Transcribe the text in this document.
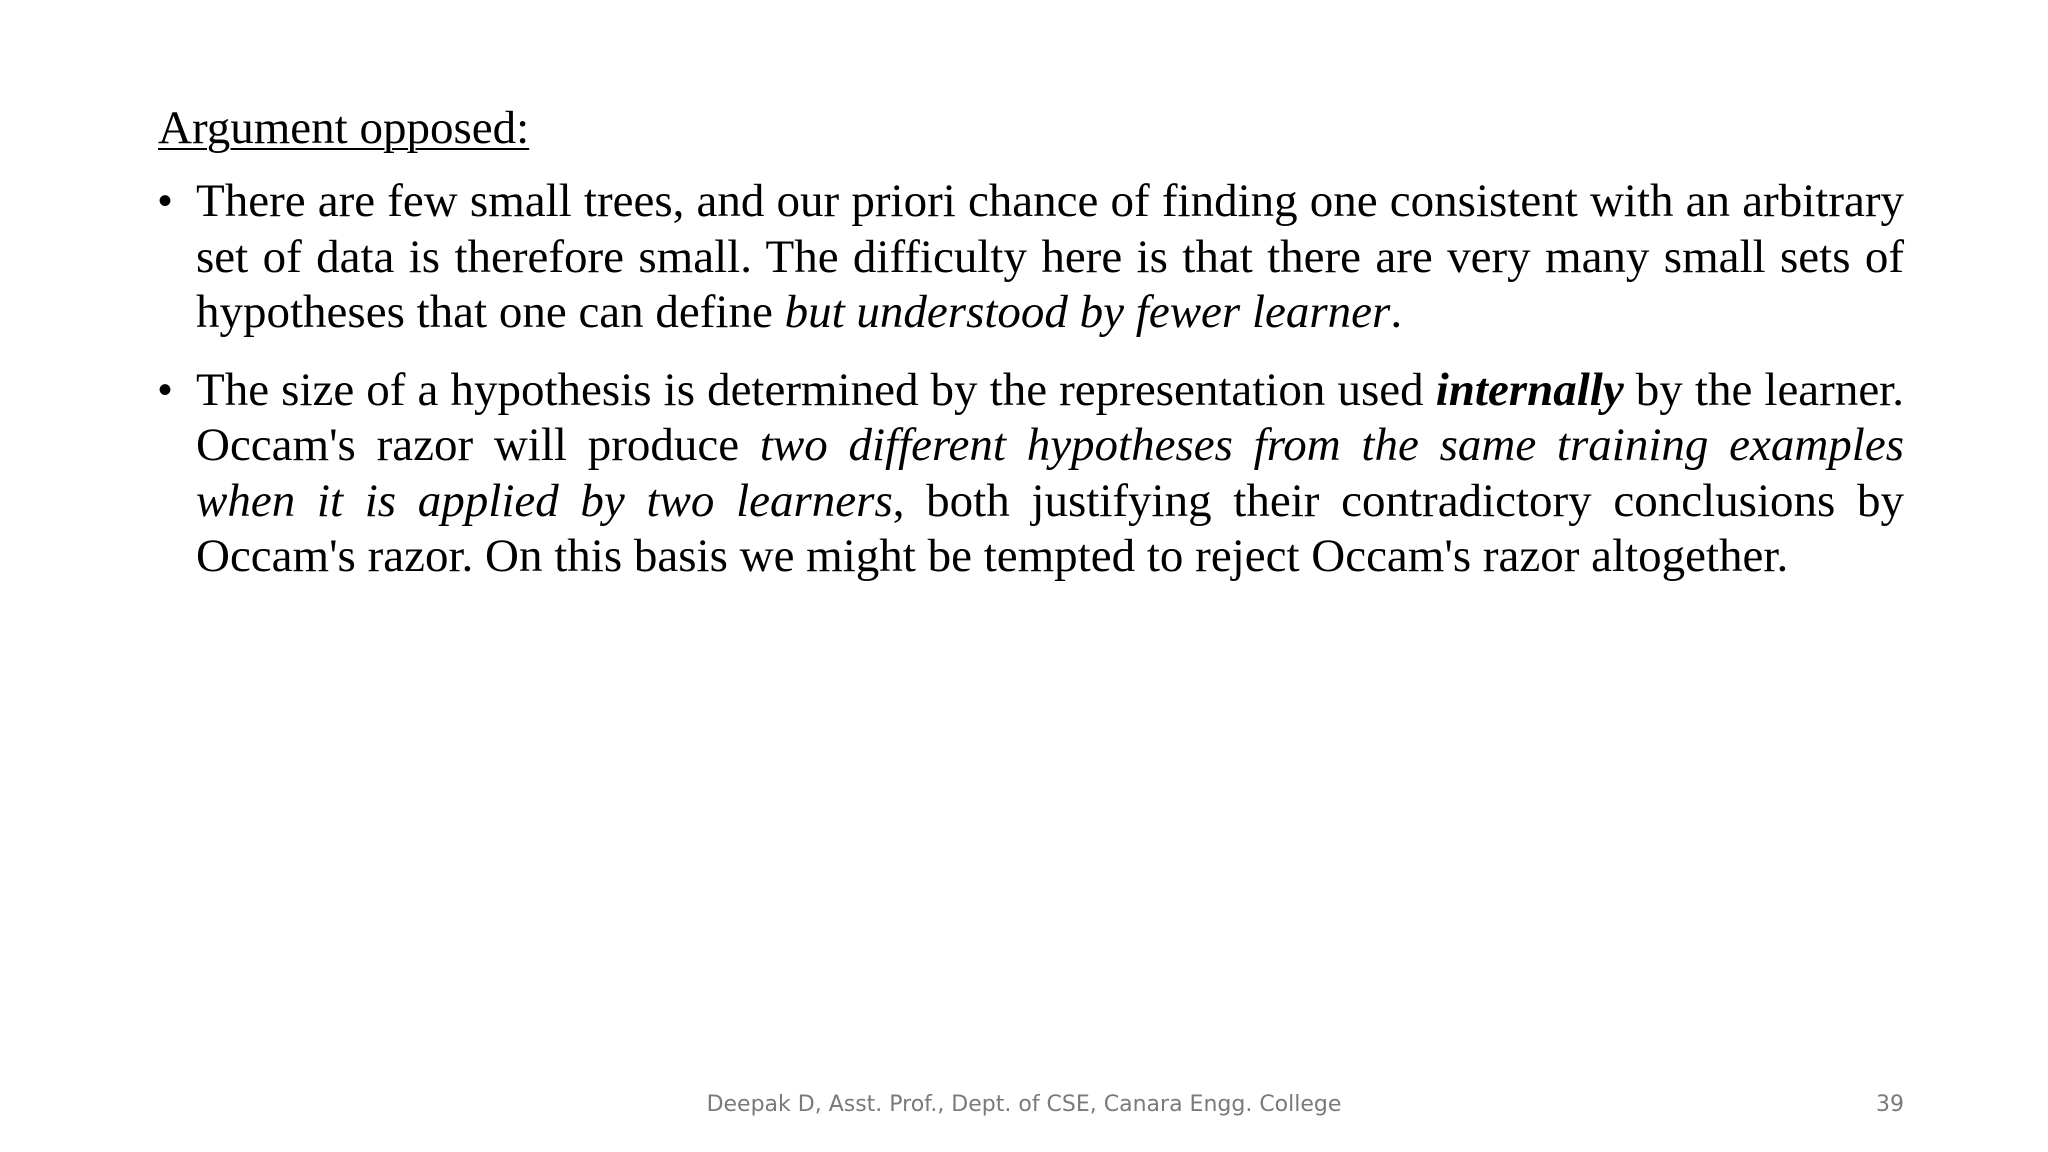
Argument opposed:
• There are few small trees, and our priori chance of finding one consistent with an arbitrary set of data is therefore small. The difficulty here is that there are very many small sets of hypotheses that one can define but understood by fewer learner.
• The size of a hypothesis is determined by the representation used internally by the learner. Occam's razor will produce two different hypotheses from the same training examples when it is applied by two learners, both justifying their contradictory conclusions by Occam's razor. On this basis we might be tempted to reject Occam's razor altogether.
Deepak D, Asst. Prof., Dept. of CSE, Canara Engg. College	39
